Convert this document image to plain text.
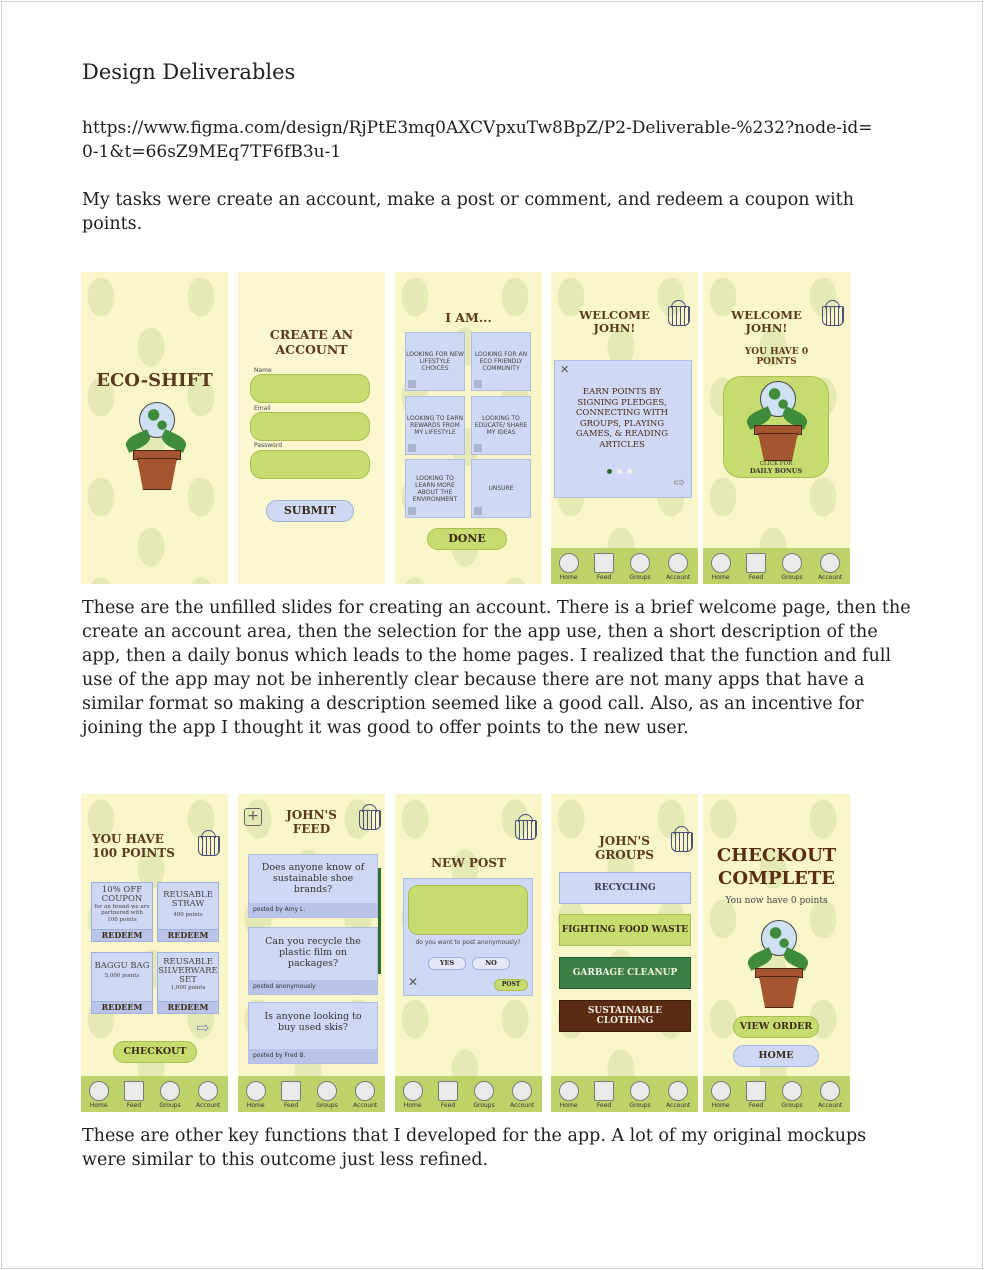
Design Deliverables
https://www.figma.com/design/RjPtE3mq0AXCVpxuTw8BpZ/P2-Deliverable-%232?node-id=0-1&t=66sZ9MEq7TF6fB3u-1
My tasks were create an account, make a post or comment, and redeem a coupon with points.
ECO-SHIFT
CREATE AN ACCOUNT
Name
Email
Password
SUBMIT
I AM...
LOOKING FOR NEW LIFESTYLE CHOICES
LOOKING FOR AN ECO FRIENDLY COMMUNITY
LOOKING TO EARN REWARDS FROM MY LIFESTYLE
LOOKING TO EDUCATE/ SHARE MY IDEAS
LOOKING TO LEARN MORE ABOUT THE ENVIRONMENT
UNSURE
DONE
WELCOME JOHN!
✕
EARN POINTS BY SIGNING PLEDGES, CONNECTING WITH GROUPS, PLAYING GAMES, & READING ARTICLES
⇨
Home	Feed	Groups	Account
WELCOME JOHN!
YOU HAVE 0 POINTS
CLICK FOR
DAILY BONUS
Home	Feed	Groups	Account
These are the unfilled slides for creating an account. There is a brief welcome page, then the create an account area, then the selection for the app use, then a short description of the app, then a daily bonus which leads to the home pages. I realized that the function and full use of the app may not be inherently clear because there are not many apps that have a similar format so making a description seemed like a good call. Also, as an incentive for joining the app I thought it was good to offer points to the new user.
YOU HAVE 100 POINTS
10% OFF COUPON
for an brand we are partnered with
100 points
REDEEM
REUSABLE STRAW
400 points
REDEEM
BAGGU BAG
5,000 points
REDEEM
REUSABLE SILVERWARE SET
1,000 points
REDEEM
⇨
CHECKOUT
Home	Feed	Groups	Account
+	JOHN'S FEED
Does anyone know of sustainable shoe brands?
posted by Amy L.
Can you recycle the plastic film on packages?
posted anonymously
Is anyone looking to buy used skis?
posted by Fred B.
Home	Feed	Groups	Account
NEW POST
do you want to post anonymously?
YES	NO
✕	POST
Home	Feed	Groups	Account
JOHN'S GROUPS
RECYCLING
FIGHTING FOOD WASTE
GARBAGE CLEANUP
SUSTAINABLE CLOTHING
Home	Feed	Groups	Account
CHECKOUT COMPLETE
You now have 0 points
VIEW ORDER
HOME
Home	Feed	Groups	Account
These are other key functions that I developed for the app. A lot of my original mockups were similar to this outcome just less refined.
